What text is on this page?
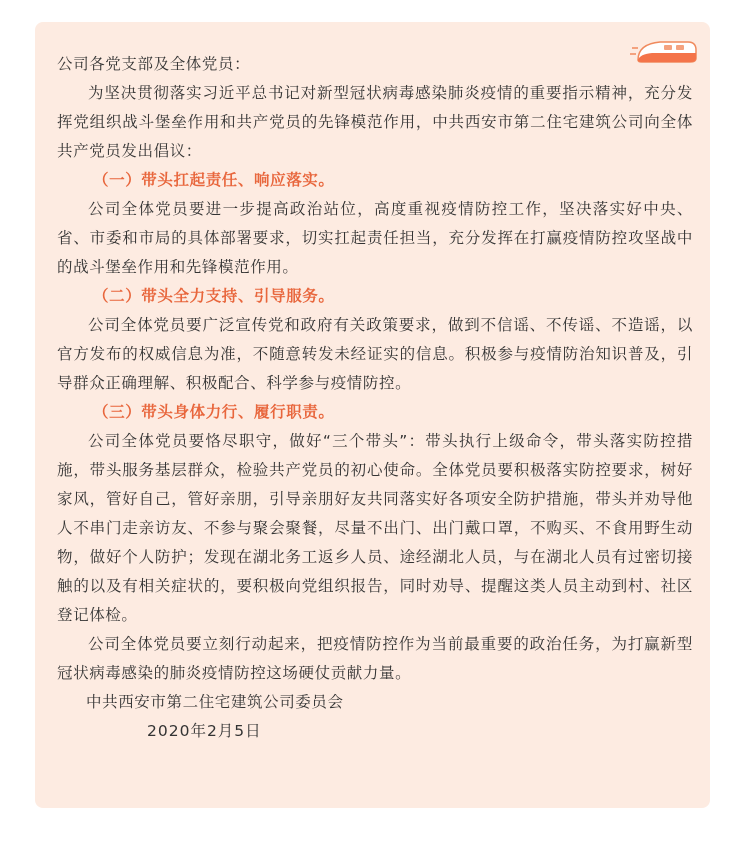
公司各党支部及全体党员：

为坚决贯彻落实习近平总书记对新型冠状病毒感染肺炎疫情的重要指示精神，充分发挥党组织战斗堡垒作用和共产党员的先锋模范作用，中共西安市第二住宅建筑公司向全体共产党员发出倡议：

（一）带头扛起责任、响应落实。

公司全体党员要进一步提高政治站位，高度重视疫情防控工作，坚决落实好中央、省、市委和市局的具体部署要求，切实扛起责任担当，充分发挥在打赢疫情防控攻坚战中的战斗堡垒作用和先锋模范作用。

（二）带头全力支持、引导服务。

公司全体党员要广泛宣传党和政府有关政策要求，做到不信谣、不传谣、不造谣，以官方发布的权威信息为准，不随意转发未经证实的信息。积极参与疫情防治知识普及，引导群众正确理解、积极配合、科学参与疫情防控。

（三）带头身体力行、履行职责。

公司全体党员要恪尽职守，做好“三个带头”：带头执行上级命令，带头落实防控措施，带头服务基层群众，检验共产党员的初心使命。全体党员要积极落实防控要求，树好家风，管好自己，管好亲朋，引导亲朋好友共同落实好各项安全防护措施，带头并劝导他人不串门走亲访友、不参与聚会聚餐，尽量不出门、出门戴口罩，不购买、不食用野生动物，做好个人防护；发现在湖北务工返乡人员、途经湖北人员，与在湖北人员有过密切接触的以及有相关症状的，要积极向党组织报告，同时劝导、提醒这类人员主动到村、社区登记体检。

公司全体党员要立刻行动起来，把疫情防控作为当前最重要的政治任务，为打赢新型冠状病毒感染的肺炎疫情防控这场硬仗贡献力量。

中共西安市第二住宅建筑公司委员会

2020年2月5日
